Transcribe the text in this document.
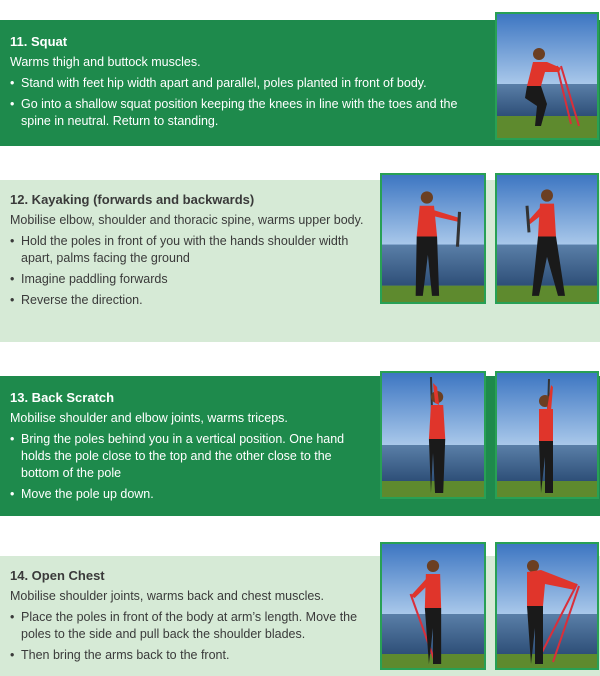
11. Squat
Warms thigh and buttock muscles.
• Stand with feet hip width apart and parallel, poles planted in front of body.
• Go into a shallow squat position keeping the knees in line with the toes and the spine in neutral. Return to standing.
12. Kayaking (forwards and backwards)
Mobilise elbow, shoulder and thoracic spine, warms upper body.
• Hold the poles in front of you with the hands shoulder width apart, palms facing the ground
• Imagine paddling forwards
• Reverse the direction.
13. Back Scratch
Mobilise shoulder and elbow joints, warms triceps.
• Bring the poles behind you in a vertical position. One hand holds the pole close to the top and the other close to the bottom of the pole
• Move the pole up down.
14. Open Chest
Mobilise shoulder joints, warms back and chest muscles.
• Place the poles in front of the body at arm’s length. Move the poles to the side and pull back the shoulder blades.
• Then bring the arms back to the front.
